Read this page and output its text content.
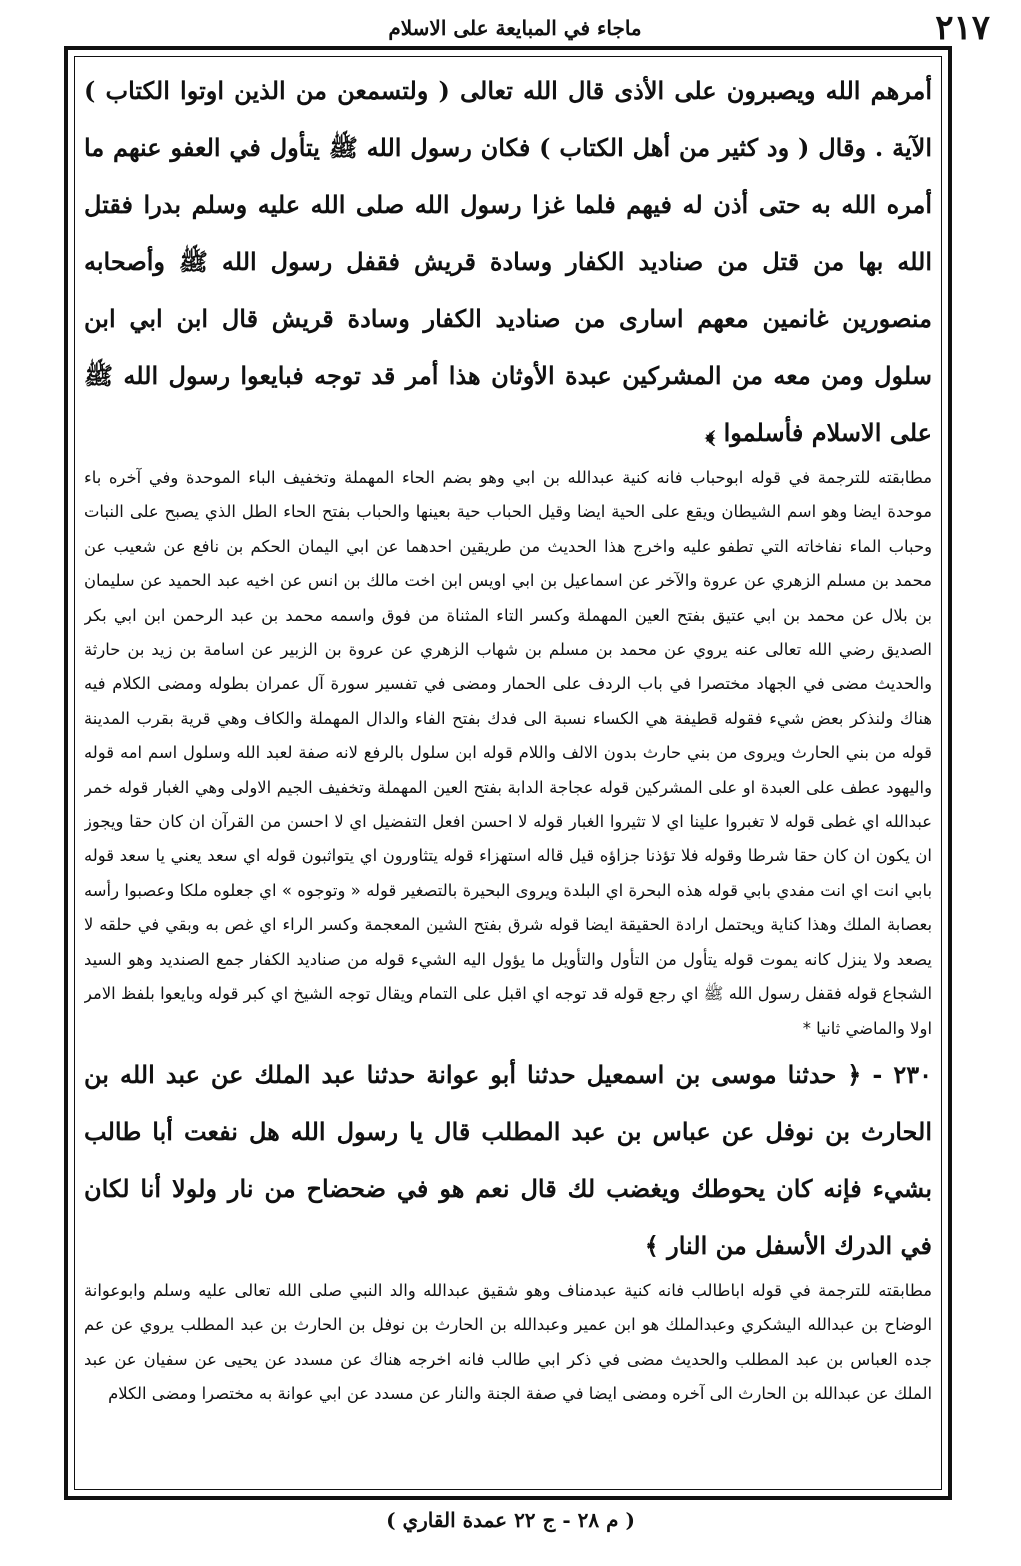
٢١٧
ماجاء في المبايعة على الاسلام

أمرهم الله ويصبرون على الأذى قال الله تعالى ( ولتسمعن من الذين اوتوا الكتاب ) الآية . وقال ( ود كثير من أهل الكتاب ) فكان رسول الله ﷺ يتأول في العفو عنهم ما أمره الله به حتى أذن له فيهم فلما غزا رسول الله صلى الله عليه وسلم بدرا فقتل الله بها من قتل من صناديد الكفار وسادة قريش فقفل رسول الله ﷺ وأصحابه منصورين غانمين معهم اسارى من صناديد الكفار وسادة قريش قال ابن ابي ابن سلول ومن معه من المشركين عبدة الأوثان هذا أمر قد توجه فبايعوا رسول الله ﷺ على الاسلام فأسلموا ﴾

مطابقته للترجمة في قوله ابوحباب فانه كنية عبدالله بن ابي وهو بضم الحاء المهملة وتخفيف الباء الموحدة وفي آخره باء موحدة ايضا وهو اسم الشيطان ويقع على الحية ايضا وقيل الحباب حية بعينها والحباب بفتح الحاء الطل الذي يصبح على النبات وحباب الماء نفاخاته التي تطفو عليه واخرج هذا الحديث من طريقين احدهما عن ابي اليمان الحكم بن نافع عن شعيب عن محمد بن مسلم الزهري عن عروة والآخر عن اسماعيل بن ابي اويس ابن اخت مالك بن انس عن اخيه عبد الحميد عن سليمان بن بلال عن محمد بن ابي عتيق بفتح العين المهملة وكسر التاء المثناة من فوق واسمه محمد بن عبد الرحمن ابن ابي بكر الصديق رضي الله تعالى عنه يروي عن محمد بن مسلم بن شهاب الزهري عن عروة بن الزبير عن اسامة بن زيد بن حارثة والحديث مضى في الجهاد مختصرا في باب الردف على الحمار ومضى في تفسير سورة آل عمران بطوله ومضى الكلام فيه هناك ولنذكر بعض شيء فقوله قطيفة هي الكساء نسبة الى فدك بفتح الفاء والدال المهملة والكاف وهي قرية بقرب المدينة قوله من بني الحارث ويروى من بني حارث بدون الالف واللام قوله ابن سلول بالرفع لانه صفة لعبد الله وسلول اسم امه قوله واليهود عطف على العبدة او على المشركين قوله عجاجة الدابة بفتح العين المهملة وتخفيف الجيم الاولى وهي الغبار قوله خمر عبدالله اي غطى قوله لا تغبروا علينا اي لا تثيروا الغبار قوله لا احسن افعل التفضيل اي لا احسن من القرآن ان كان حقا ويجوز ان يكون ان كان حقا شرطا وقوله فلا تؤذنا جزاؤه قيل قاله استهزاء قوله يتثاورون اي يتواثبون قوله اي سعد يعني يا سعد قوله بابي انت اي انت مفدي بابي قوله هذه البحرة اي البلدة ويروى البحيرة بالتصغير قوله « وتوجوه » اي جعلوه ملكا وعصبوا رأسه بعصابة الملك وهذا كناية ويحتمل ارادة الحقيقة ايضا قوله شرق بفتح الشين المعجمة وكسر الراء اي غص به وبقي في حلقه لا يصعد ولا ينزل كانه يموت قوله يتأول من التأول والتأويل ما يؤول اليه الشيء قوله من صناديد الكفار جمع الصنديد وهو السيد الشجاع قوله فقفل رسول الله ﷺ اي رجع قوله قد توجه اي اقبل على التمام ويقال توجه الشيخ اي كبر قوله وبايعوا بلفظ الامر اولا والماضي ثانيا *

٢٣٠ - ﴿ حدثنا موسى بن اسمعيل حدثنا أبو عوانة حدثنا عبد الملك عن عبد الله بن الحارث بن نوفل عن عباس بن عبد المطلب قال يا رسول الله هل نفعت أبا طالب بشيء فإنه كان يحوطك ويغضب لك قال نعم هو في ضحضاح من نار ولولا أنا لكان في الدرك الأسفل من النار ﴾

مطابقته للترجمة في قوله اباطالب فانه كنية عبدمناف وهو شقيق عبدالله والد النبي صلى الله تعالى عليه وسلم وابوعوانة الوضاح بن عبدالله اليشكري وعبدالملك هو ابن عمير وعبدالله بن الحارث بن نوفل بن الحارث بن عبد المطلب يروي عن عم جده العباس بن عبد المطلب والحديث مضى في ذكر ابي طالب فانه اخرجه هناك عن مسدد عن يحيى عن سفيان عن عبد الملك عن عبدالله بن الحارث الى آخره ومضى ايضا في صفة الجنة والنار عن مسدد عن ابي عوانة به مختصرا ومضى الكلام

( م ٢٨ - ج ٢٢ عمدة القاري )
